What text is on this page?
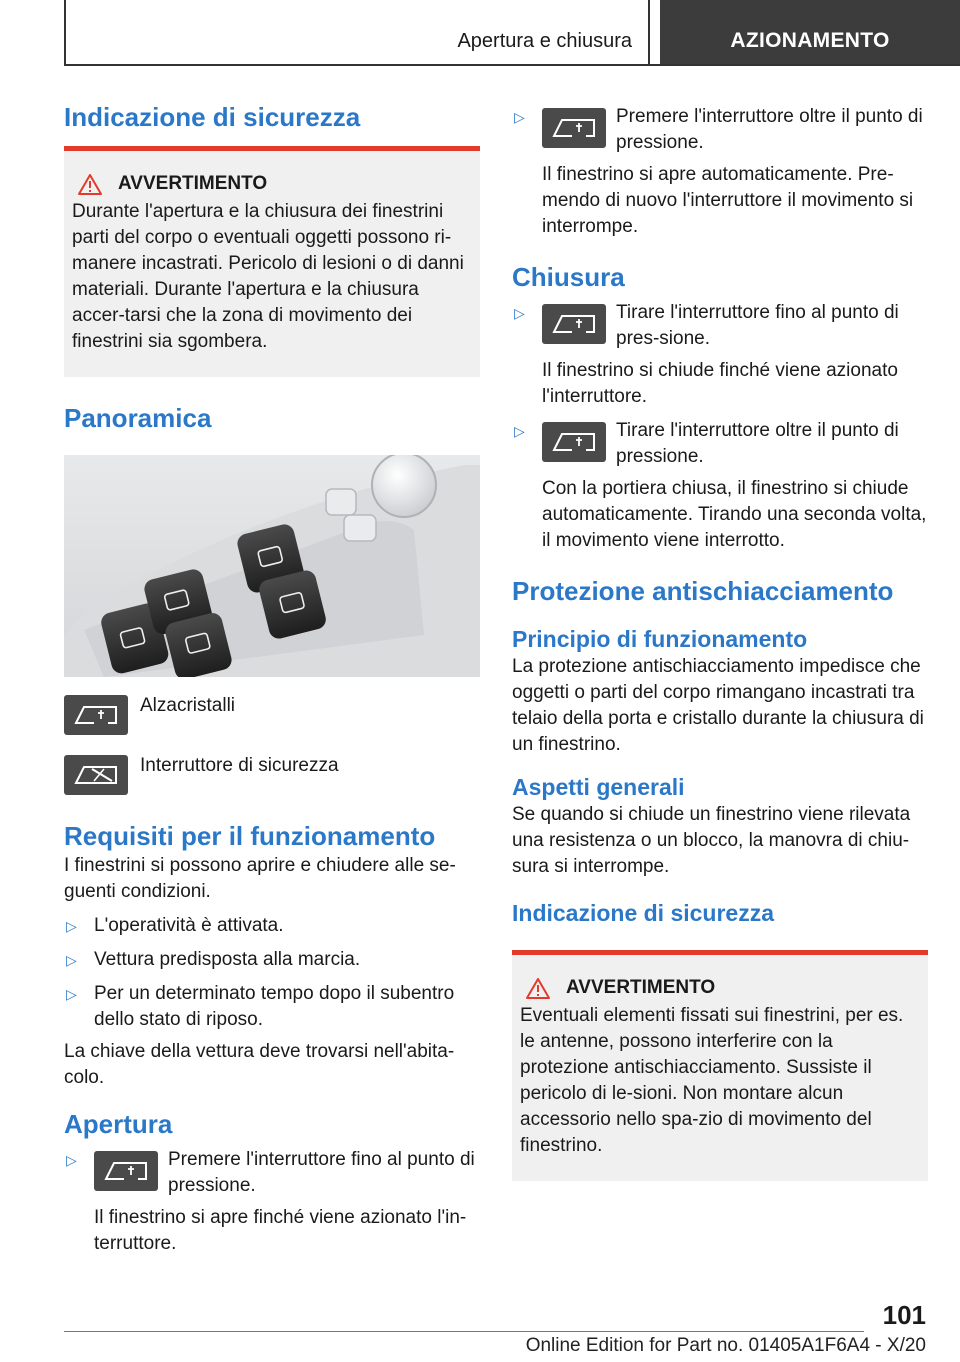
Apertura e chiusura	AZIONAMENTO
Indicazione di sicurezza
AVVERTIMENTO

Durante l'apertura e la chiusura dei finestrini parti del corpo o eventuali oggetti possono ri-manere incastrati. Pericolo di lesioni o di danni materiali. Durante l'apertura e la chiusura accer-tarsi che la zona di movimento dei finestrini sia sgombera.

Panoramica

Alzacristalli

Interruttore di sicurezza

Requisiti per il funzionamento

I finestrini si possono aprire e chiudere alle se-guenti condizioni.

▷ L'operatività è attivata.
▷ Vettura predisposta alla marcia.
▷ Per un determinato tempo dopo il subentro dello stato di riposo.

La chiave della vettura deve trovarsi nell'abita-colo.

Apertura
▷	Premere l'interruttore fino al punto di pressione.

Il finestrino si apre finché viene azionato l'in-terruttore.

▷	Premere l'interruttore oltre il punto di pressione.

Il finestrino si apre automaticamente. Pre-mendo di nuovo l'interruttore il movimento si interrompe.

Chiusura
▷	Tirare l'interruttore fino al punto di pres-sione.

Il finestrino si chiude finché viene azionato l'interruttore.

▷	Tirare l'interruttore oltre il punto di pressione.

Con la portiera chiusa, il finestrino si chiude automaticamente. Tirando una seconda volta, il movimento viene interrotto.

Protezione antischiacciamento
Principio di funzionamento

La protezione antischiacciamento impedisce che oggetti o parti del corpo rimangano incastrati tra telaio della porta e cristallo durante la chiusura di un finestrino.

Aspetti generali

Se quando si chiude un finestrino viene rilevata una resistenza o un blocco, la manovra di chiu-sura si interrompe.

Indicazione di sicurezza
AVVERTIMENTO

Eventuali elementi fissati sui finestrini, per es. le antenne, possono interferire con la protezione antischiacciamento. Sussiste il pericolo di le-sioni. Non montare alcun accessorio nello spa-zio di movimento del finestrino.

101
Online Edition for Part no. 01405A1F6A4 - X/20
